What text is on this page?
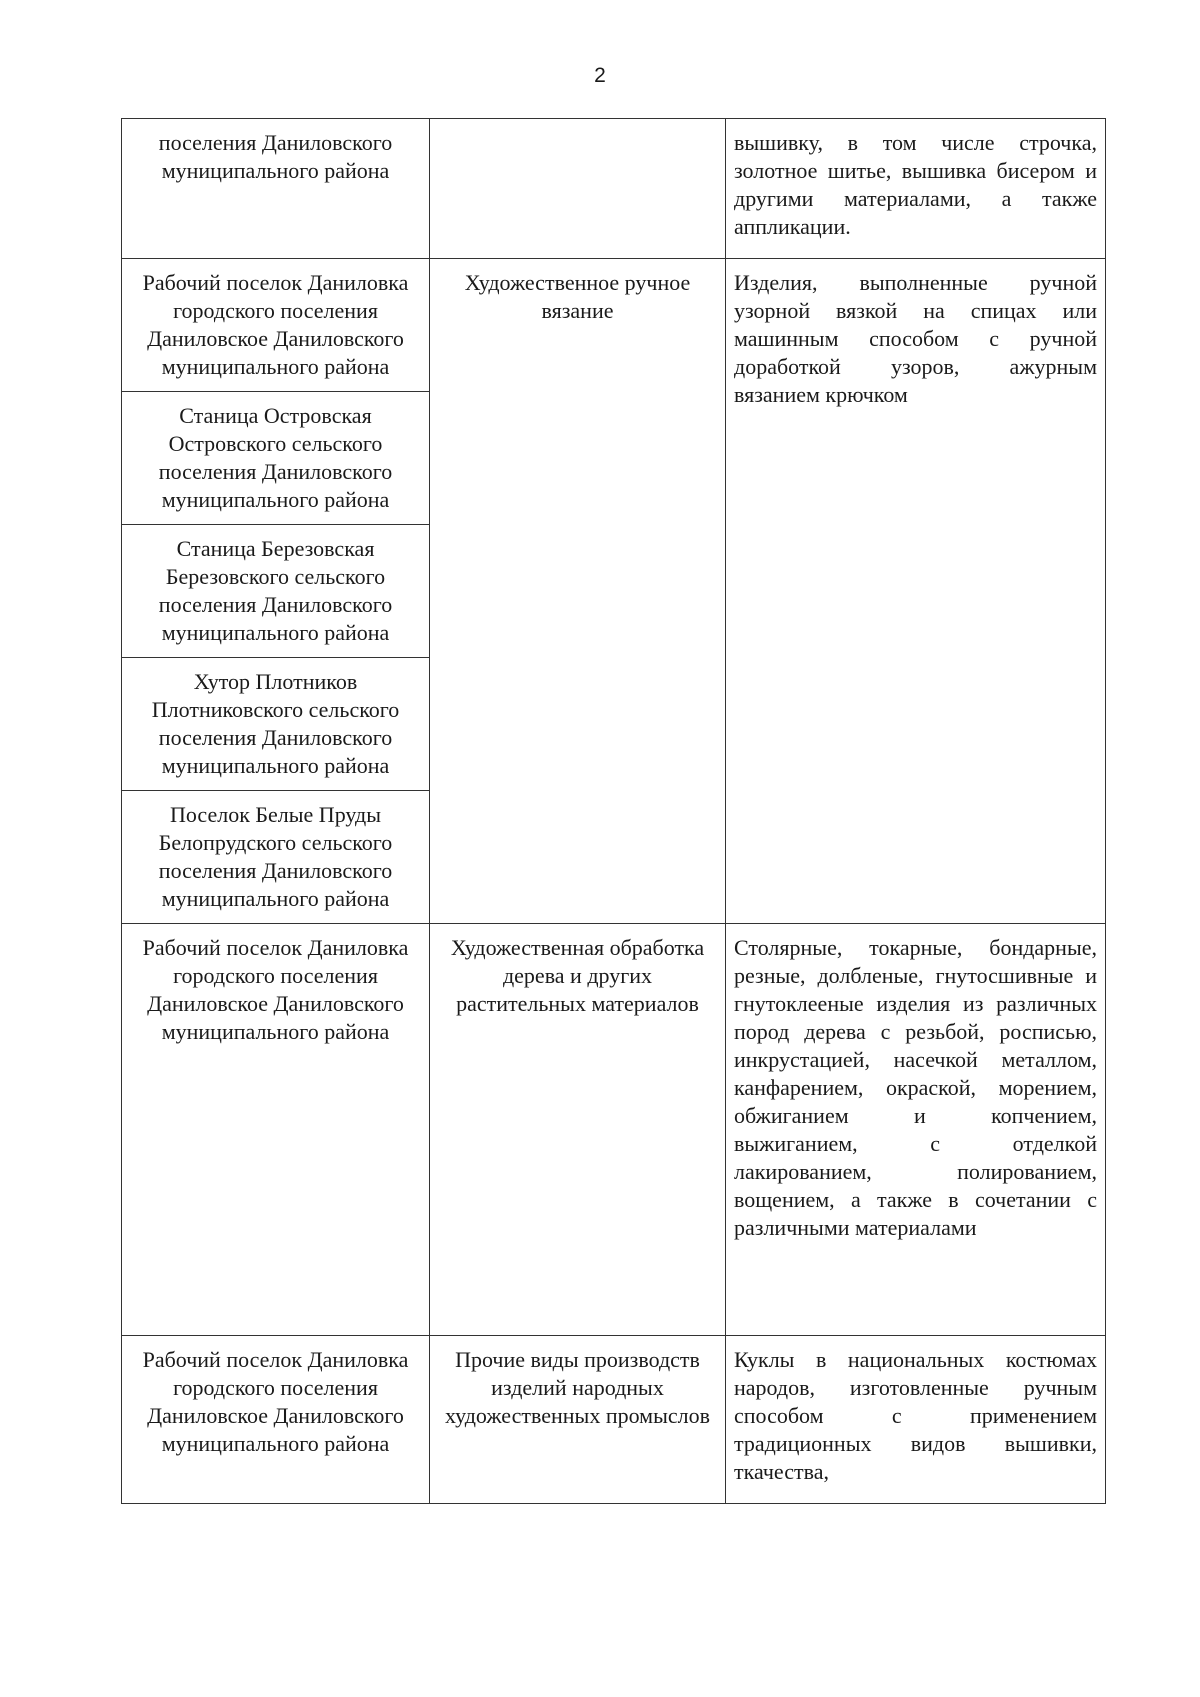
2
поселения Даниловского муниципального района		вышивку, в том числе строчка, золотное шитье, вышивка бисером и другими материалами, а также аппликации.
Рабочий поселок Даниловка городского поселения Даниловское Даниловского муниципального района	Художественное ручное вязание	Изделия, выполненные ручной узорной вязкой на спицах или машинным способом с ручной доработкой узоров, ажурным вязанием крючком
Станица Островская Островского сельского поселения Даниловского муниципального района		
Станица Березовская Березовского сельского поселения Даниловского муниципального района		
Хутор Плотников Плотниковского сельского поселения Даниловского муниципального района		
Поселок Белые Пруды Белопрудского сельского поселения Даниловского муниципального района		
Рабочий поселок Даниловка городского поселения Даниловское Даниловского муниципального района	Художественная обработка дерева и других растительных материалов	Столярные, токарные, бондарные, резные, долбленые, гнутосшивные и гнутоклееные изделия из различных пород дерева с резьбой, росписью, инкрустацией, насечкой металлом, канфарением, окраской, морением, обжиганием и копчением, выжиганием, с отделкой лакированием, полированием, вощением, а также в сочетании с различными материалами
Рабочий поселок Даниловка городского поселения Даниловское Даниловского муниципального района	Прочие виды производств изделий народных художественных промыслов	Куклы в национальных костюмах народов, изготовленные ручным способом с применением традиционных видов вышивки, ткачества,
